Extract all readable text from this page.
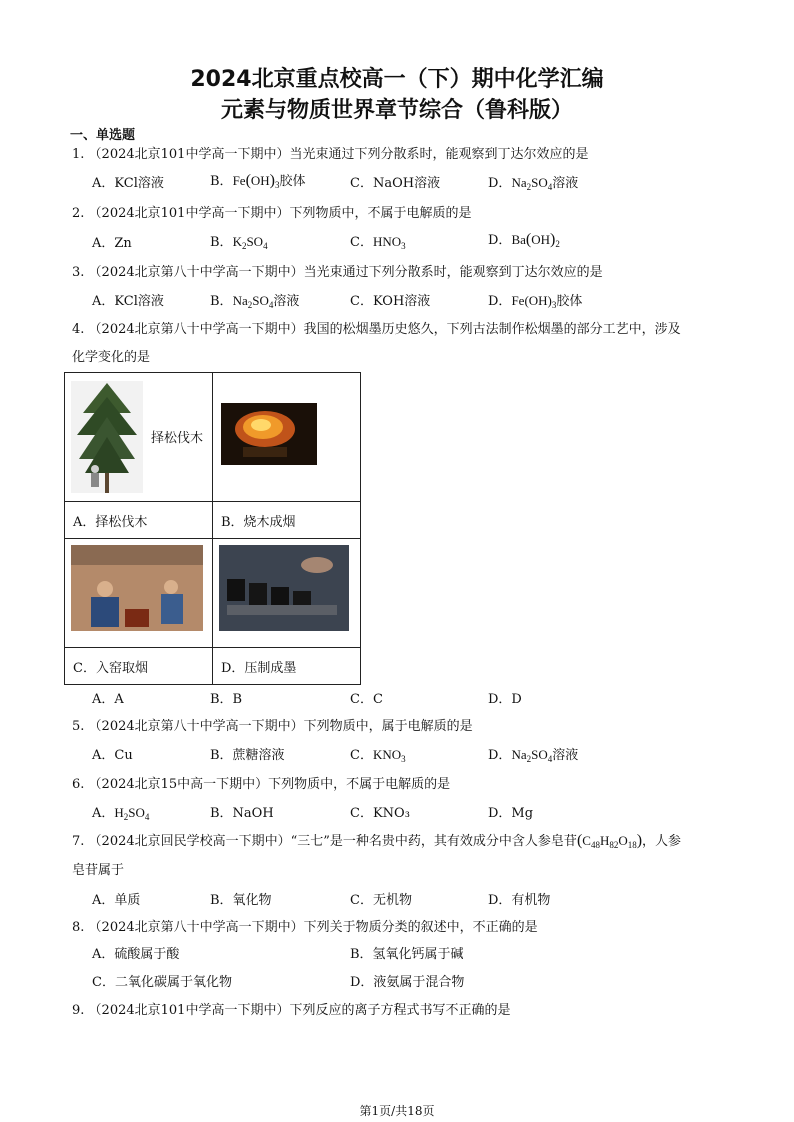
2024北京重点校高一（下）期中化学汇编
元素与物质世界章节综合（鲁科版）
一、单选题
1. （2024北京101中学高一下期中）当光束通过下列分散系时，能观察到丁达尔效应的是
A．KCl溶液	B．$Fe(OH)_3$胶体	C．NaOH溶液	D．$Na_2SO_4$溶液
2. （2024北京101中学高一下期中）下列物质中，不属于电解质的是
A．Zn	B．$K_2SO_4$	C．$HNO_3$	D．$Ba(OH)_2$
3. （2024北京第八十中学高一下期中）当光束通过下列分散系时，能观察到丁达尔效应的是
A．KCl溶液	B．$Na_2SO_4$溶液	C．KOH溶液	D．$Fe(OH)_3$胶体
4. （2024北京第八十中学高一下期中）我国的松烟墨历史悠久，下列古法制作松烟墨的部分工艺中，涉及
化学变化的是
择松伐木

A．择松伐木	B．烧木成烟

C．入窑取烟	D．压制成墨
A．A	B．B	C．C	D．D
5. （2024北京第八十中学高一下期中）下列物质中，属于电解质的是
A．Cu	B．蔗糖溶液	C．$KNO_3$	D．$Na_2SO_4$溶液
6. （2024北京15中高一下期中）下列物质中，不属于电解质的是
A．$H_2SO_4$	B．NaOH	C．KNO₃	D．Mg
7. （2024北京回民学校高一下期中）“三七”是一种名贵中药，其有效成分中含人参皂苷$(C_{48}H_{82}O_{18})$，人参
皂苷属于
A．单质	B．氧化物	C．无机物	D．有机物
8. （2024北京第八十中学高一下期中）下列关于物质分类的叙述中，不正确的是
A．硫酸属于酸	B．氢氧化钙属于碱
C．二氧化碳属于氧化物	D．液氨属于混合物
9. （2024北京101中学高一下期中）下列反应的离子方程式书写不正确的是
第1页/共18页
